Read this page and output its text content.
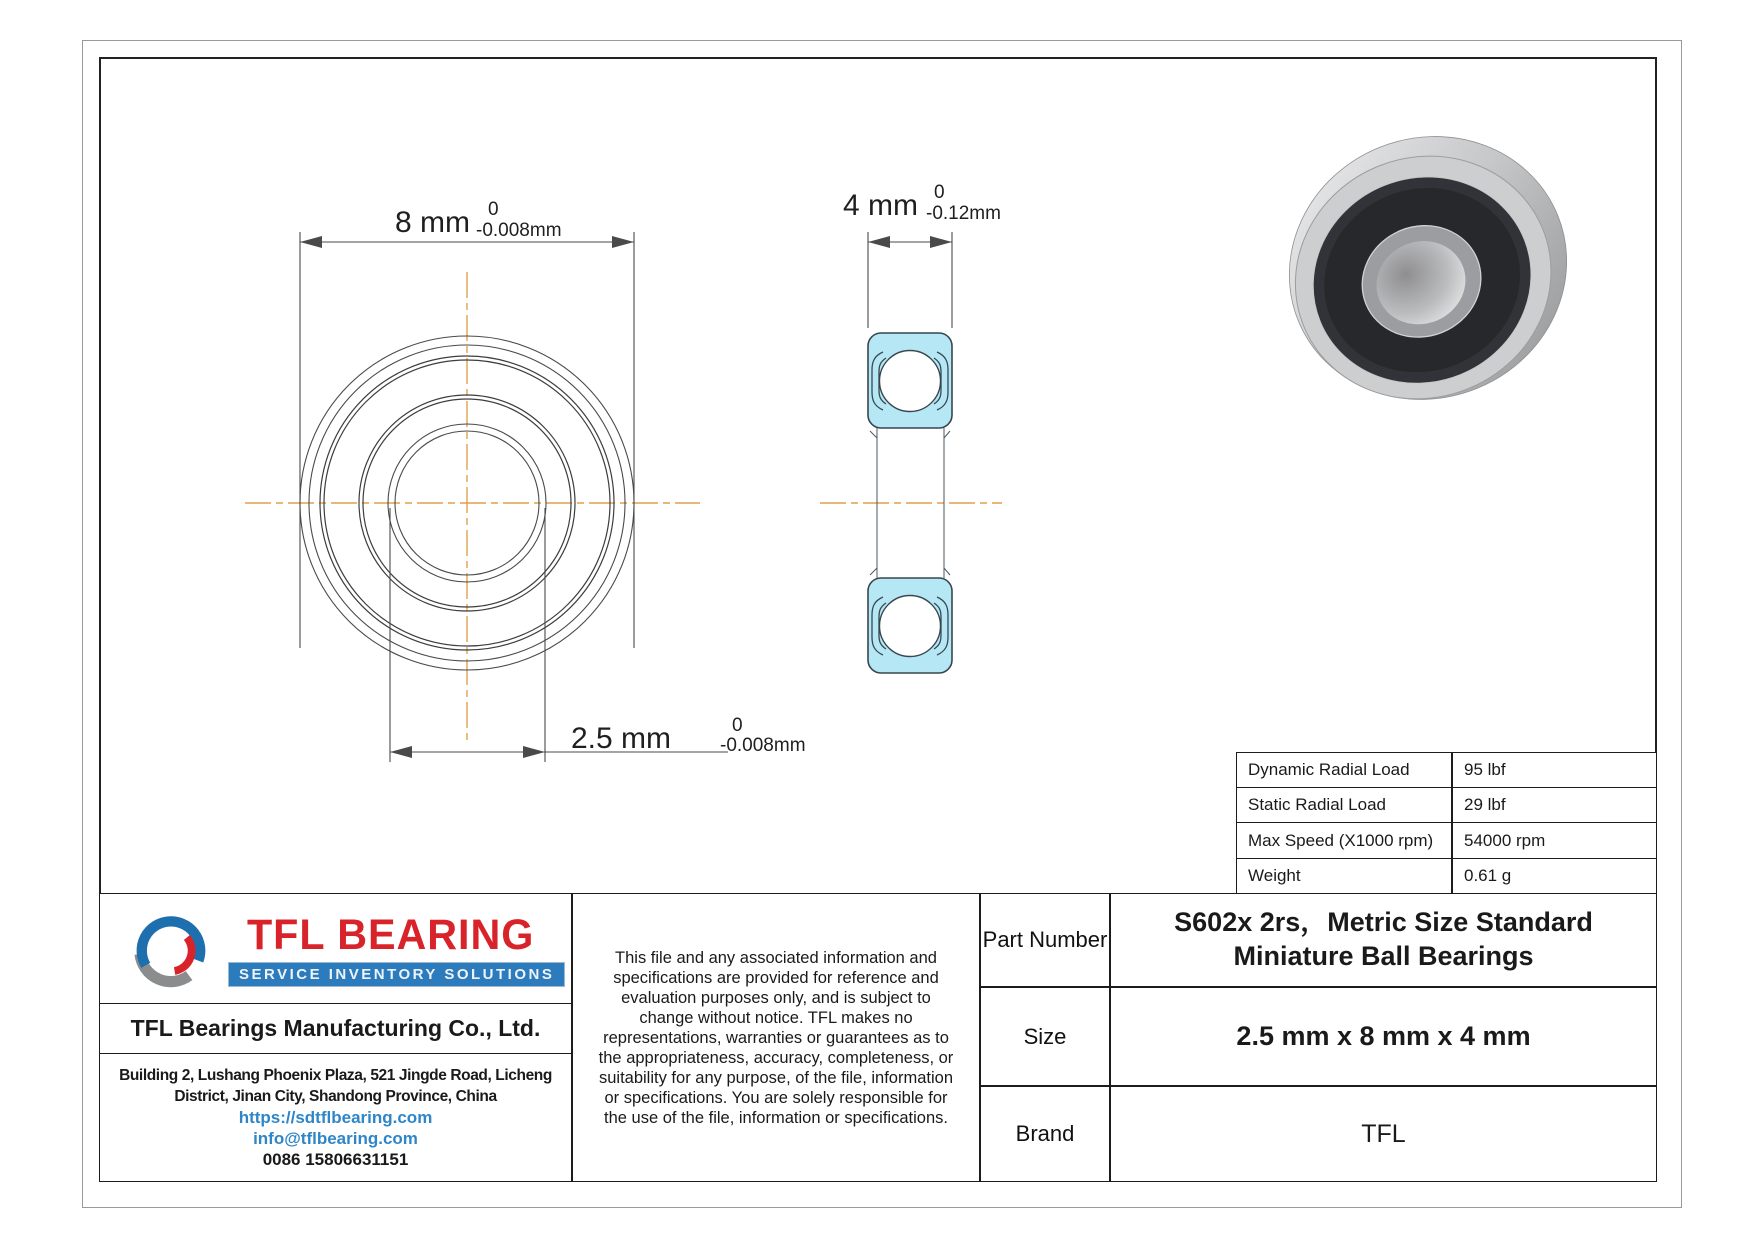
8 mm 0
-0.008mm
4 mm 0
-0.12mm
2.5 mm	0
-0.008mm
Dynamic Radial Load	95 lbf
Static Radial Load	29 lbf
Max Speed (X1000 rpm)	54000 rpm
Weight	0.61 g
TFL BEARING
SERVICE INVENTORY SOLUTIONS
TFL Bearings Manufacturing Co., Ltd.
Building 2, Lushang Phoenix Plaza, 521 Jingde Road, Licheng
District, Jinan City, Shandong Province, China
https://sdtflbearing.com
info@tflbearing.com
0086 15806631151
This file and any associated information and specifications are provided for reference and evaluation purposes only, and is subject to change without notice. TFL makes no representations, warranties or guarantees as to the appropriateness, accuracy, completeness, or suitability for any purpose, of the file, information or specifications. You are solely responsible for the use of the file, information or specifications.
Part Number
S602x 2rs，Metric Size Standard Miniature Ball Bearings
Size	2.5 mm x 8 mm x 4 mm
Brand	TFL
